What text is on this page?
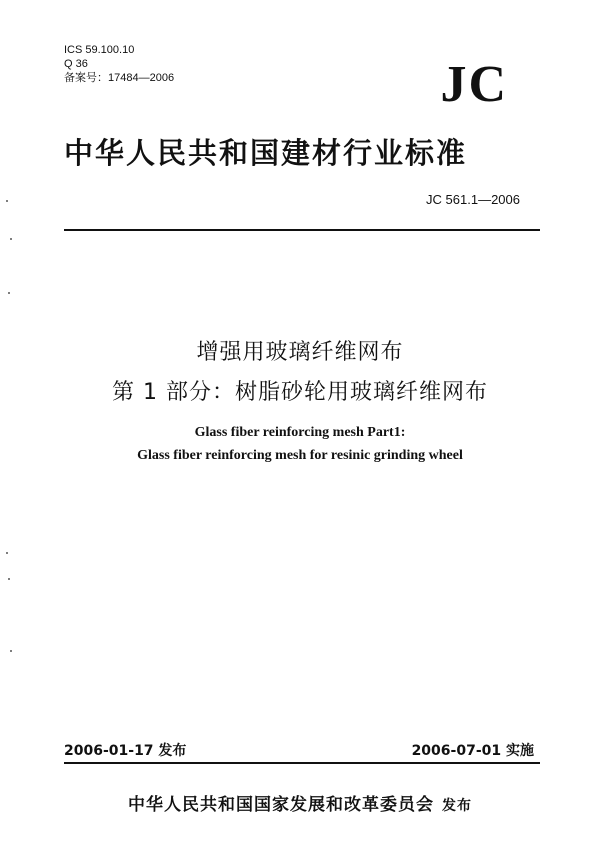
ICS 59.100.10
Q 36
备案号：17484—2006	JC
中华人民共和国建材行业标准
JC 561.1—2006
增强用玻璃纤维网布
第 1 部分：树脂砂轮用玻璃纤维网布
Glass fiber reinforcing mesh Part1:
Glass fiber reinforcing mesh for resinic grinding wheel
2006-01-17 发布	2006-07-01 实施
中华人民共和国国家发展和改革委员会 发布
